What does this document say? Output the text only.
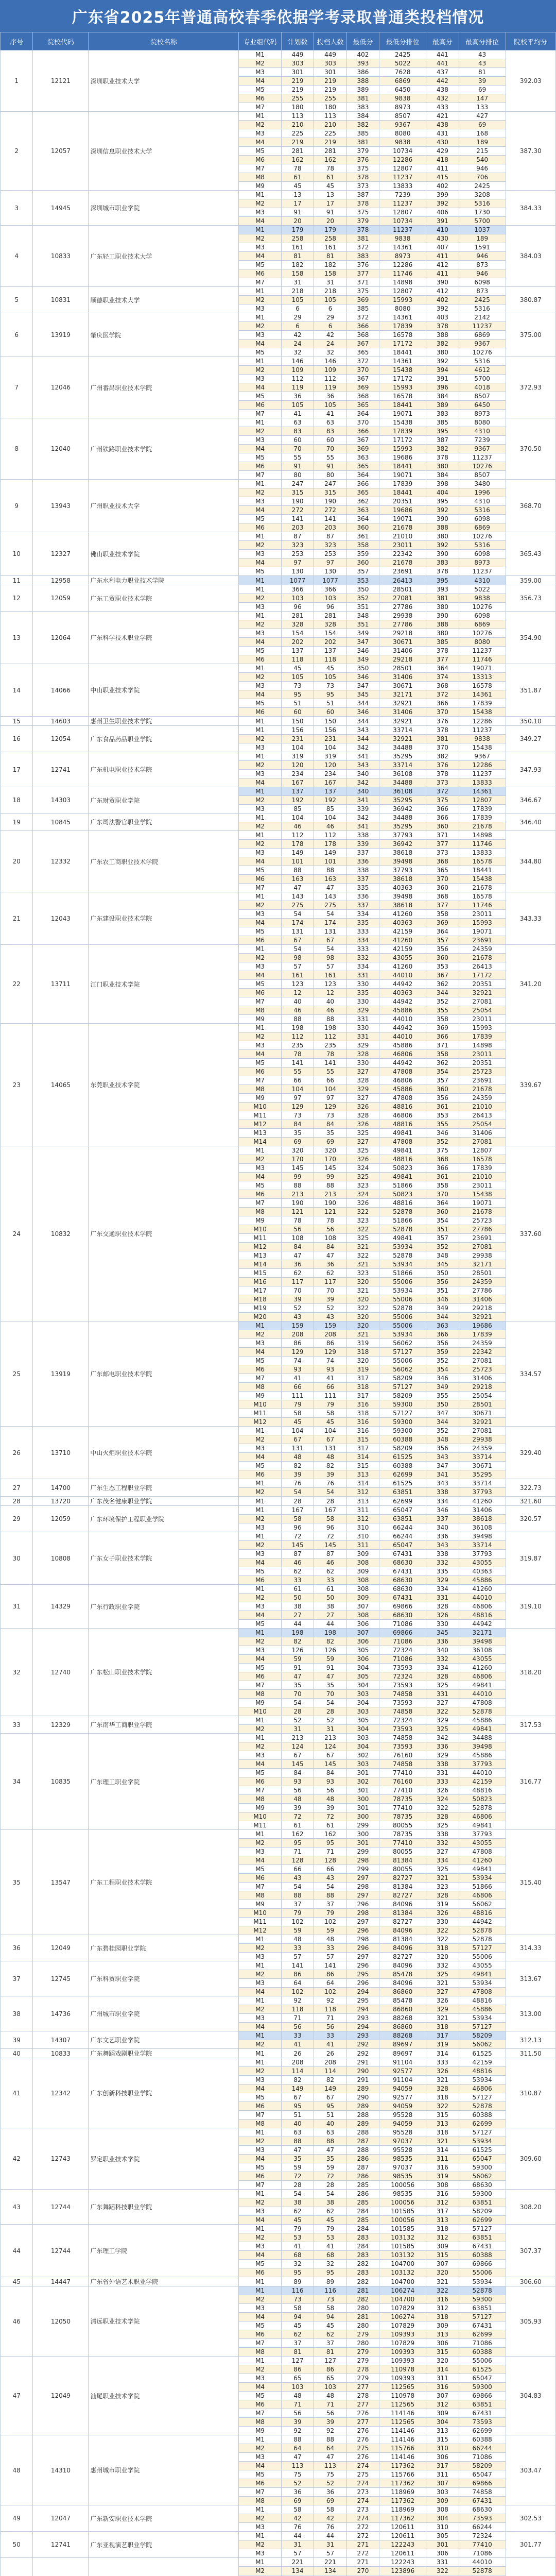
广东省2025年普通高校春季依据学考录取普通类投档情况
序号	院校代码	院校名称	专业组代码	计划数	投档人数	最低分	最低分排位	最高分	最高分排位	院校平均分
1	12121	深圳职业技术大学	M1	449	449	402	2425	441	43	392.03
			M2	303	303	393	5022	441	43	
			M3	301	301	386	7628	437	81	
			M4	219	219	388	6869	442	39	
			M5	219	219	389	6450	438	69	
			M6	255	255	381	9838	432	147	
			M7	180	180	383	8973	433	133	
2	12057	深圳信息职业技术大学	M1	113	113	384	8507	421	427	387.30
			M2	210	210	382	9367	438	69	
			M3	225	225	385	8080	431	168	
			M4	219	219	381	9838	430	189	
			M5	281	281	379	10734	429	215	
			M6	162	162	376	12286	418	540	
			M7	78	78	375	12807	411	946	
			M8	61	61	378	11237	415	706	
			M9	45	45	373	13833	402	2425	
3	14945	深圳城市职业学院	M1	13	13	387	7239	399	3208	384.33
			M2	17	17	378	11237	392	5316	
			M3	91	91	375	12807	406	1730	
			M4	20	20	379	10734	391	5700	
4	10833	广东轻工职业技术大学	M1	179	179	378	11237	410	1037	384.03
			M2	258	258	381	9838	430	189	
			M3	161	161	372	14361	407	1591	
			M4	81	81	383	8973	411	946	
			M5	182	182	376	12286	412	873	
			M6	158	158	377	11746	411	946	
			M7	31	31	371	14898	390	6098	
5	10831	顺德职业技术大学	M1	218	218	375	12807	412	873	380.87
			M2	105	105	369	15993	402	2425	
			M3	6	6	385	8080	392	5316	
6	13919	肇庆医学院	M1	29	29	372	14361	403	2142	375.00
			M2	6	6	366	17839	378	11237	
			M3	42	42	368	16578	388	6869	
			M4	24	24	367	17172	382	9367	
			M5	32	32	365	18441	380	10276	
7	12046	广州番禺职业技术学院	M1	146	146	372	14361	392	5316	372.93
			M2	109	109	370	15438	394	4612	
			M3	112	112	367	17172	391	5700	
			M4	119	119	369	15993	396	4018	
			M5	36	36	368	16578	384	8507	
			M6	105	105	365	18441	389	6450	
			M7	41	41	364	19071	383	8973	
8	12040	广州铁路职业技术学院	M1	63	63	370	15438	385	8080	370.50
			M2	83	83	366	17839	395	4310	
			M3	60	60	367	17172	387	7239	
			M4	70	70	369	15993	382	9367	
			M5	55	55	363	19686	378	11237	
			M6	91	91	365	18441	380	10276	
			M7	80	80	364	19071	384	8507	
9	13943	广州职业技术大学	M1	247	247	366	17839	398	3480	368.70
			M2	315	315	365	18441	404	1996	
			M3	190	190	362	20351	395	4310	
			M4	272	272	363	19686	392	5316	
			M5	141	141	364	19071	390	6098	
			M6	203	203	360	21678	388	6869	
10	12327	佛山职业技术学院	M1	87	87	361	21010	380	10276	365.43
			M2	323	323	358	23011	392	5316	
			M3	253	253	359	22342	390	6098	
			M4	97	97	360	21678	383	8973	
			M5	130	130	357	23691	378	11237	
11	12958	广东水利电力职业技术学院	M1	1077	1077	353	26413	395	4310	359.00
12	12059	广东工贸职业技术学院	M1	366	366	350	28501	393	5022	356.73
			M2	103	103	352	27081	381	9838	
			M3	96	96	351	27786	380	10276	
13	12064	广东科学技术职业学院	M1	281	281	348	29938	390	6098	354.90
			M2	328	328	351	27786	388	6869	
			M3	154	154	349	29218	380	10276	
			M4	202	202	347	30671	385	8080	
			M5	137	137	346	31406	378	11237	
			M6	118	118	349	29218	377	11746	
14	14066	中山职业技术学院	M1	45	45	350	28501	364	19071	351.87
			M2	105	105	346	31406	374	13313	
			M3	73	73	347	30671	368	16578	
			M4	95	95	345	32171	372	14361	
			M5	51	51	344	32921	366	17839	
			M6	60	60	346	31406	370	15438	
15	14603	惠州卫生职业技术学院	M1	150	150	344	32921	376	12286	350.10
16	12054	广东食品药品职业学院	M1	156	156	343	33714	378	11237	349.27
			M2	231	231	344	32921	381	9838	
			M3	104	104	342	34488	370	15438	
17	12741	广东机电职业技术学院	M1	319	319	341	35295	382	9367	347.93
			M2	120	120	343	33714	376	12286	
			M3	234	234	340	36108	378	11237	
			M4	167	167	342	34488	373	13833	
18	14303	广东财贸职业学院	M1	137	137	340	36108	372	14361	346.67
			M2	192	192	341	35295	375	12807	
			M3	85	85	339	36942	366	17839	
19	10845	广东司法警官职业学院	M1	104	104	342	34488	366	17839	346.40
			M2	46	46	341	35295	360	21678	
20	12332	广东农工商职业技术学院	M1	112	112	338	37793	371	14898	344.80
			M2	178	178	339	36942	377	11746	
			M3	149	149	337	38618	373	13833	
			M4	101	101	336	39498	368	16578	
			M5	88	88	338	37793	365	18441	
			M6	163	163	337	38618	370	15438	
			M7	47	47	335	40363	360	21678	
21	12043	广东建设职业技术学院	M1	143	143	336	39498	368	16578	343.33
			M2	275	275	337	38618	377	11746	
			M3	54	54	334	41260	358	23011	
			M4	174	174	335	40363	369	15993	
			M5	131	131	333	42159	364	19071	
			M6	67	67	334	41260	357	23691	
22	13711	江门职业技术学院	M1	54	54	333	42159	356	24359	341.20
			M2	98	98	332	43055	360	21678	
			M3	57	57	334	41260	353	26413	
			M4	161	161	331	44010	367	17172	
			M5	123	123	330	44942	362	20351	
			M6	12	12	335	40363	344	32921	
			M7	40	40	330	44942	352	27081	
			M8	46	46	329	45886	355	25054	
			M9	88	88	331	44010	358	23011	
23	14065	东莞职业技术学院	M1	198	198	330	44942	369	15993	339.67
			M2	112	112	331	44010	366	17839	
			M3	235	235	329	45886	371	14898	
			M4	78	78	328	46806	358	23011	
			M5	141	141	330	44942	362	20351	
			M6	55	55	327	47808	354	25723	
			M7	66	66	328	46806	357	23691	
			M8	104	104	329	45886	360	21678	
			M9	97	97	327	47808	356	24359	
			M10	129	129	326	48816	361	21010	
			M11	73	73	328	46806	353	26413	
			M12	84	84	326	48816	355	25054	
			M13	35	35	325	49841	346	31406	
			M14	69	69	327	47808	352	27081	
24	10832	广东交通职业技术学院	M1	320	320	325	49841	375	12807	337.60
			M2	170	170	326	48816	368	16578	
			M3	145	145	324	50823	366	17839	
			M4	99	99	325	49841	361	21010	
			M5	88	88	323	51866	358	23011	
			M6	213	213	324	50823	370	15438	
			M7	190	190	326	48816	364	19071	
			M8	121	121	322	52878	360	21678	
			M9	78	78	323	51866	354	25723	
			M10	56	56	322	52878	351	27786	
			M11	108	108	325	49841	357	23691	
			M12	84	84	321	53934	352	27081	
			M13	47	47	322	52878	348	29938	
			M14	36	36	321	53934	345	32171	
			M15	62	62	323	51866	350	28501	
			M16	117	117	320	55006	356	24359	
			M17	70	70	321	53934	351	27786	
			M18	39	39	320	55006	346	31406	
			M19	52	52	322	52878	349	29218	
			M20	43	43	320	55006	344	32921	
25	13919	广东邮电职业技术学院	M1	159	159	320	55006	363	19686	334.57
			M2	208	208	321	53934	366	17839	
			M3	86	86	319	56062	356	24359	
			M4	129	129	318	57127	359	22342	
			M5	74	74	320	55006	352	27081	
			M6	93	93	319	56062	354	25723	
			M7	41	41	317	58209	346	31406	
			M8	66	66	318	57127	349	29218	
			M9	111	111	317	58209	355	25054	
			M10	79	79	316	59300	350	28501	
			M11	58	58	318	57127	347	30671	
			M12	45	45	316	59300	344	32921	
26	13710	中山火炬职业技术学院	M1	104	104	316	59300	352	27081	329.40
			M2	67	67	315	60388	348	29938	
			M3	131	131	317	58209	356	24359	
			M4	48	48	314	61525	343	33714	
			M5	82	82	315	60388	347	30671	
			M6	39	39	313	62699	341	35295	
27	14700	广东生态工程职业学院	M1	76	76	314	61525	343	33714	322.73
			M2	54	54	312	63851	338	37793	
28	13720	广东茂名健康职业学院	M1	28	28	313	62699	334	41260	321.60
29	12059	广东环境保护工程职业学院	M1	167	167	311	65047	346	31406	320.57
			M2	58	58	312	63851	337	38618	
			M3	96	96	310	66244	340	36108	
30	10808	广东女子职业技术学院	M1	72	72	310	66244	336	39498	319.87
			M2	145	145	311	65047	343	33714	
			M3	87	87	309	67431	338	37793	
			M4	46	46	308	68630	332	43055	
			M5	62	62	309	67431	335	40363	
			M6	33	33	308	68630	329	45886	
31	14329	广东行政职业学院	M1	61	61	308	68630	334	41260	319.10
			M2	50	50	309	67431	331	44010	
			M3	38	38	307	69866	328	46806	
			M4	27	27	308	68630	326	48816	
			M5	44	44	306	71086	330	44942	
32	12740	广东松山职业技术学院	M1	198	198	307	69866	345	32171	318.20
			M2	82	82	306	71086	336	39498	
			M3	126	126	305	72324	340	36108	
			M4	59	59	306	71086	332	43055	
			M5	91	91	304	73593	334	41260	
			M6	47	47	305	72324	328	46806	
			M7	35	35	304	73593	325	49841	
			M8	70	70	303	74858	331	44010	
			M9	54	54	304	73593	327	47808	
			M10	28	28	303	74858	322	52878	
33	12329	广东南华工商职业学院	M1	52	52	305	72324	329	45886	317.53
			M2	31	31	304	73593	325	49841	
34	10835	广东理工职业学院	M1	213	213	303	74858	342	34488	316.77
			M2	124	124	304	73593	336	39498	
			M3	67	67	302	76160	329	45886	
			M4	145	145	303	74858	338	37793	
			M5	84	84	301	77410	331	44010	
			M6	93	93	302	76160	333	42159	
			M7	56	56	301	77410	326	48816	
			M8	48	48	300	78735	324	50823	
			M9	39	39	301	77410	322	52878	
			M10	72	72	300	78735	328	46806	
			M11	61	61	299	80055	325	49841	
35	13547	广东工程职业技术学院	M1	162	162	300	78735	338	37793	315.40
			M2	95	95	301	77410	332	43055	
			M3	71	71	299	80055	327	47808	
			M4	128	128	298	81384	334	41260	
			M5	66	66	299	80055	325	49841	
			M6	43	43	297	82727	321	53934	
			M7	54	54	298	81384	323	51866	
			M8	88	88	297	82727	328	46806	
			M9	37	37	296	84096	319	56062	
			M10	79	79	298	81384	326	48816	
			M11	102	102	297	82727	330	44942	
			M12	59	59	296	84096	322	52878	
36	12049	广东碧桂园职业学院	M1	48	48	298	81384	322	52878	314.33
			M2	33	33	296	84096	318	57127	
			M3	57	57	297	82727	320	55006	
37	12745	广东科贸职业学院	M1	141	141	296	84096	332	43055	313.67
			M2	86	86	295	85478	325	49841	
			M3	64	64	296	84096	321	53934	
			M4	102	102	294	86860	327	47808	
38	14736	广州城市职业学院	M1	92	92	295	85478	326	48816	313.00
			M2	118	118	294	86860	329	45886	
			M3	71	71	293	88268	321	53934	
			M4	56	56	294	86860	318	57127	
39	14307	广东文艺职业学院	M1	33	33	293	88268	317	58209	312.13
			M2	41	41	292	89697	319	56062	
40	10833	广东舞蹈戏剧职业学院	M1	26	26	292	89697	314	61525	311.50
41	12342	广东创新科技职业学院	M1	208	208	291	91104	333	42159	310.87
			M2	114	114	290	92577	326	48816	
			M3	82	82	291	91104	321	53934	
			M4	149	149	289	94059	328	46806	
			M5	67	67	290	92577	318	57127	
			M6	95	95	289	94059	322	52878	
			M7	51	51	288	95528	315	60388	
			M8	40	40	289	94059	313	62699	
42	12743	罗定职业技术学院	M1	63	63	288	95528	318	57127	309.60
			M2	88	88	287	97037	321	53934	
			M3	47	47	288	95528	314	61525	
			M4	35	35	286	98535	311	65047	
			M5	59	59	287	97037	316	59300	
			M6	72	72	286	98535	319	56062	
			M7	28	28	285	100056	308	68630	
43	12744	广东舞蹈科技职业学院	M1	54	54	286	98535	316	59300	308.20
			M2	38	38	285	100056	312	63851	
			M3	62	62	284	101585	317	58209	
			M4	45	45	285	100056	313	62699	
44	12744	广东理工学院	M1	79	79	284	101585	318	57127	307.37
			M2	53	53	283	103132	312	63851	
			M3	41	41	284	101585	309	67431	
			M4	68	68	283	103132	315	60388	
			M5	32	32	282	104700	307	69866	
			M6	95	95	283	103132	320	55006	
45	14447	广东省外语艺术职业学院	M1	89	89	282	104700	321	53934	306.60
46	12050	清远职业技术学院	M1	116	116	281	106274	322	52878	305.93
			M2	73	73	282	104700	316	59300	
			M3	58	58	280	107829	312	63851	
			M4	94	94	281	106274	318	57127	
			M5	45	45	280	107829	309	67431	
			M6	62	62	279	109393	313	62699	
			M7	37	37	280	107829	306	71086	
			M8	81	81	279	109393	315	60388	
47	12049	汕尾职业技术学院	M1	127	127	279	109393	320	55006	304.83
			M2	86	86	278	110978	314	61525	
			M3	65	65	279	109393	311	65047	
			M4	103	103	277	112565	316	59300	
			M5	48	48	278	110978	307	69866	
			M6	71	71	277	112565	312	63851	
			M7	56	56	276	114146	309	67431	
			M8	39	39	277	112565	304	73593	
			M9	92	92	276	114146	313	62699	
48	14310	惠州城市职业学院	M1	88	88	276	114146	315	60388	303.47
			M2	64	64	275	115766	310	66244	
			M3	47	47	276	114146	306	71086	
			M4	113	113	274	117362	317	58209	
			M5	75	75	275	115766	311	65047	
			M6	52	52	274	117362	307	69866	
			M7	36	36	273	118969	303	74858	
			M8	69	69	274	117362	309	67431	
49	12047	广东新安职业技术学院	M1	58	58	273	118969	308	68630	302.53
			M2	42	42	274	117362	304	73593	
			M3	76	76	272	120611	310	66244	
50	12741	广东亚视演艺职业学院	M1	44	44	272	120611	305	72324	301.77
			M2	31	31	271	122243	301	77410	
			M3	57	57	272	120611	306	71086	
			M1	221	221	271	122243	331	44010	
			M2	134	134	270	123896	322	52878	
